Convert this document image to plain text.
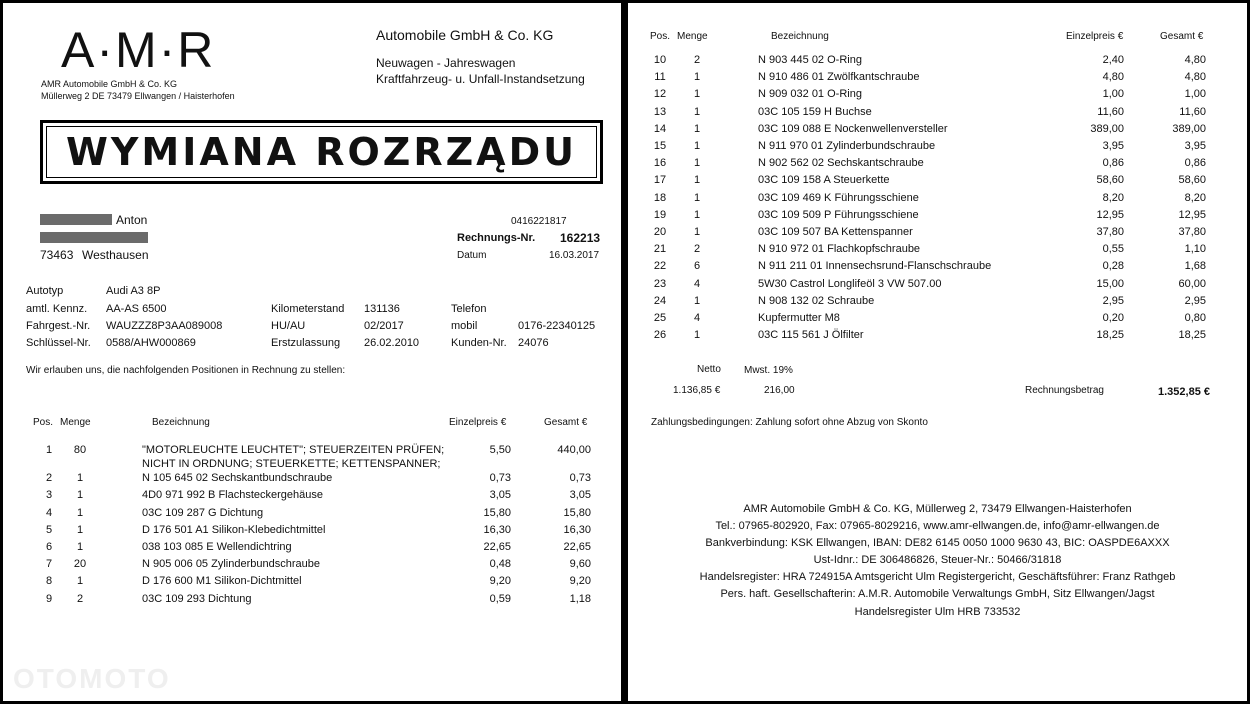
A·M·R
AMR Automobile GmbH & Co. KG
Müllerweg 2 DE 73479 Ellwangen / Haisterhofen
Automobile GmbH & Co. KG
Neuwagen - Jahreswagen
Kraftfahrzeug- u. Unfall-Instandsetzung
WYMIANA ROZRZĄDU
Anton
73463 Westhausen
0416221817
Rechnungs-Nr. 162213
Datum	16.03.2017
Autotyp	Audi A3 8P
amtl. Kennz. AA-AS 6500
Fahrgest.-Nr. WAUZZZ8P3AA089008
Schlüssel-Nr. 0588/AHW000869
Kilometerstand 131136
HU/AU	02/2017
Erstzulassung 26.02.2010
Telefon
mobil	0176-22340125
Kunden-Nr. 24076
Wir erlauben uns, die nachfolgenden Positionen in Rechnung zu stellen:
Pos. Menge	Bezeichnung	Einzelpreis €	Gesamt €
1	80	"MOTORLEUCHTE LEUCHTET"; STEUERZEITEN PRÜFEN;	5,50	440,00
NICHT IN ORDNUNG; STEUERKETTE; KETTENSPANNER;
2	1	N 105 645 02 Sechskantbundschraube	0,73	0,73
3	1	4D0 971 992 B Flachsteckergehäuse	3,05	3,05
4	1	03C 109 287 G Dichtung	15,80	15,80
5	1	D 176 501 A1 Silikon-Klebedichtmittel	16,30	16,30
6	1	038 103 085 E Wellendichtring	22,65	22,65
7	20	N 905 006 05 Zylinderbundschraube	0,48	9,60
8	1	D 176 600 M1 Silikon-Dichtmittel	9,20	9,20
9	2	03C 109 293 Dichtung	0,59	1,18
OTOMOTO
Pos. Menge	Bezeichnung	Einzelpreis €	Gesamt €
10	2	N 903 445 02 O-Ring	2,40	4,80
11	1	N 910 486 01 Zwölfkantschraube	4,80	4,80
12	1	N 909 032 01 O-Ring	1,00	1,00
13	1	03C 105 159 H Buchse	11,60	11,60
14	1	03C 109 088 E Nockenwellenversteller	389,00	389,00
15	1	N 911 970 01 Zylinderbundschraube	3,95	3,95
16	1	N 902 562 02 Sechskantschraube	0,86	0,86
17	1	03C 109 158 A Steuerkette	58,60	58,60
18	1	03C 109 469 K Führungsschiene	8,20	8,20
19	1	03C 109 509 P Führungsschiene	12,95	12,95
20	1	03C 109 507 BA Kettenspanner	37,80	37,80
21	2	N 910 972 01 Flachkopfschraube	0,55	1,10
22	6	N 911 211 01 Innensechsrund-Flanschschraube	0,28	1,68
23	4	5W30 Castrol Longlifeöl 3 VW 507.00	15,00	60,00
24	1	N 908 132 02 Schraube	2,95	2,95
25	4	Kupfermutter M8	0,20	0,80
26	1	03C 115 561 J Ölfilter	18,25	18,25
Netto Mwst. 19%
1.136,85 €	216,00	Rechnungsbetrag	1.352,85 €
Zahlungsbedingungen: Zahlung sofort ohne Abzug von Skonto
AMR Automobile GmbH & Co. KG, Müllerweg 2, 73479 Ellwangen-Haisterhofen
Tel.: 07965-802920, Fax: 07965-8029216, www.amr-ellwangen.de, info@amr-ellwangen.de
Bankverbindung: KSK Ellwangen, IBAN: DE82 6145 0050 1000 9630 43, BIC: OASPDE6AXXX
Ust-Idnr.: DE 306486826, Steuer-Nr.: 50466/31818
Handelsregister: HRA 724915A Amtsgericht Ulm Registergericht, Geschäftsführer: Franz Rathgeb
Pers. haft. Gesellschafterin: A.M.R. Automobile Verwaltungs GmbH, Sitz Ellwangen/Jagst
Handelsregister Ulm HRB 733532
